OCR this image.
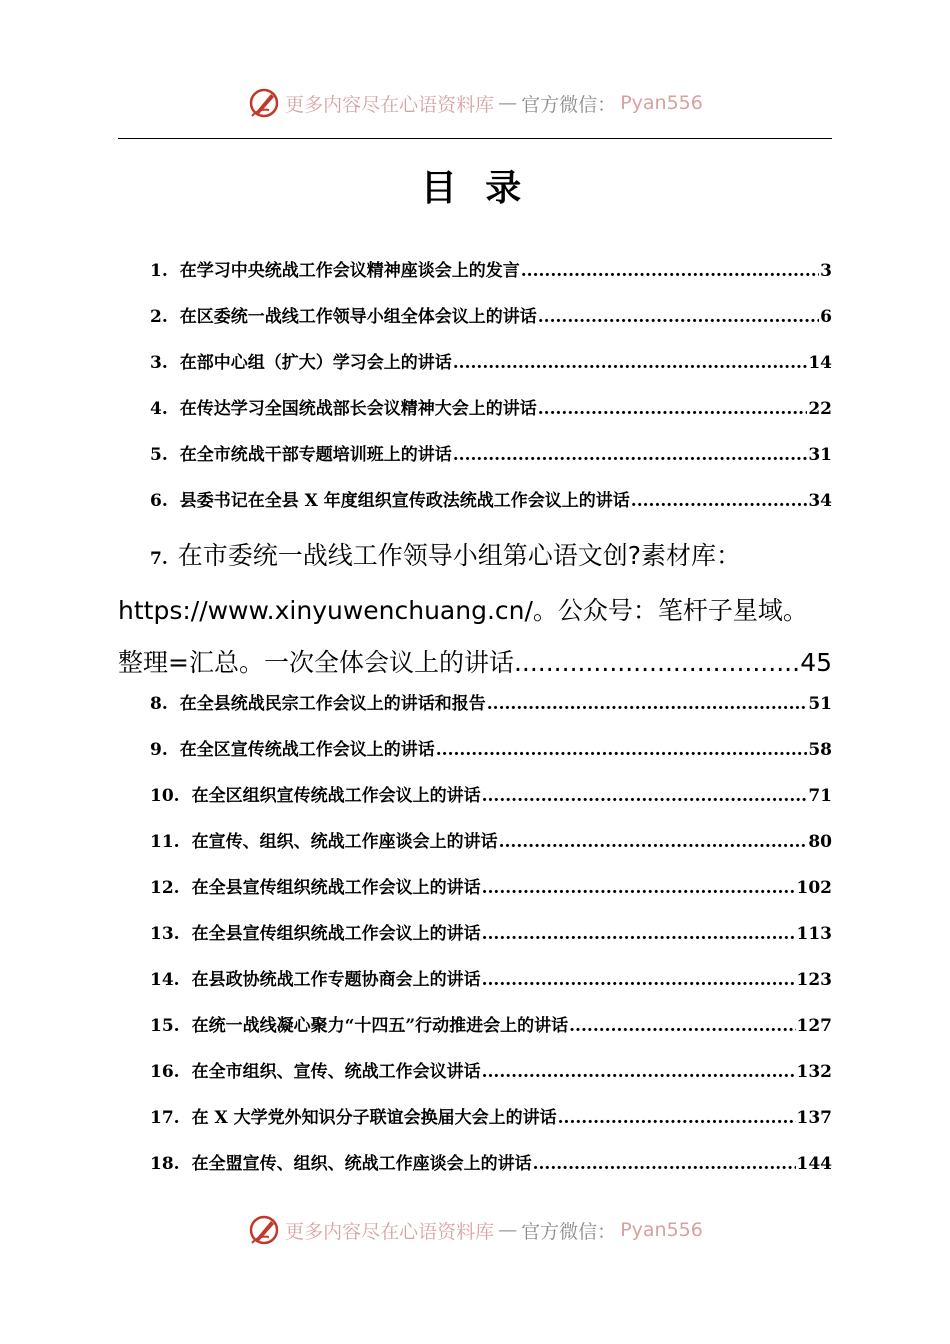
更多内容尽在心语资料库 — 官方微信： Pyan556
目 录
1. 在学习中央统战工作会议精神座谈会上的发言 .....	3
2. 在区委统一战线工作领导小组全体会议上的讲话 .....	6
3. 在部中心组（扩大）学习会上的讲话 .....	14
4. 在传达学习全国统战部长会议精神大会上的讲话 .....	22
5. 在全市统战干部专题培训班上的讲话 .....	31
6. 县委书记在全县 X 年度组织宣传政法统战工作会议上的讲话 .....	34
7. 在市委统一战线工作领导小组第心语文创?素材库：
https://www.xinyuwenchuang.cn/。公众号：笔杆子星域。
整理=汇总。一次全体会议上的讲话 .....	45
8. 在全县统战民宗工作会议上的讲话和报告 .....	51
9. 在全区宣传统战工作会议上的讲话 .....	58
10. 在全区组织宣传统战工作会议上的讲话 .....	71
11. 在宣传、组织、统战工作座谈会上的讲话 .....	80
12. 在全县宣传组织统战工作会议上的讲话 .....	102
13. 在全县宣传组织统战工作会议上的讲话 .....	113
14. 在县政协统战工作专题协商会上的讲话 .....	123
15. 在统一战线凝心聚力“十四五”行动推进会上的讲话 .....	127
16. 在全市组织、宣传、统战工作会议讲话 .....	132
17. 在 X 大学党外知识分子联谊会换届大会上的讲话 .....	137
18. 在全盟宣传、组织、统战工作座谈会上的讲话 .....	144
更多内容尽在心语资料库 — 官方微信： Pyan556
